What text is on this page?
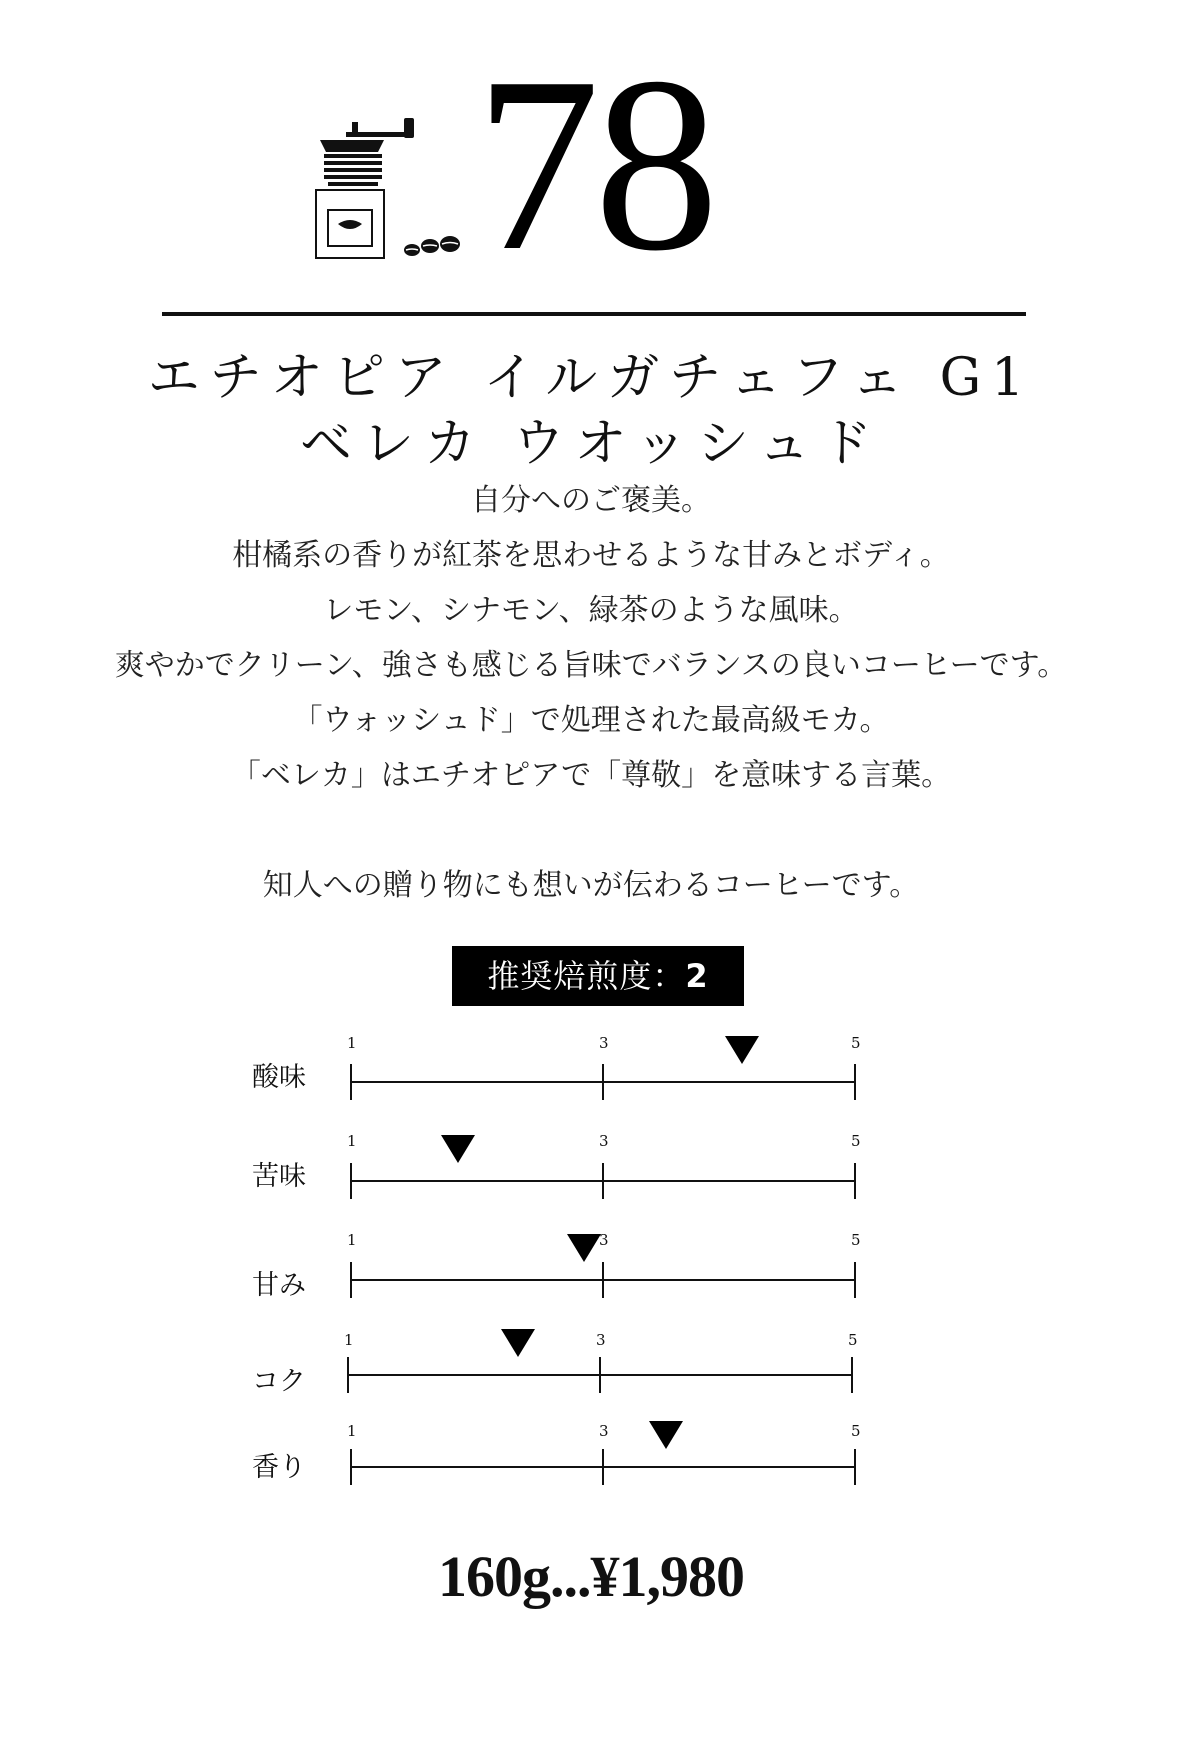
78
エチオピア イルガチェフェ G1
ベレカ ウオッシュド
自分へのご褒美。
柑橘系の香りが紅茶を思わせるような甘みとボディ。
レモン、シナモン、緑茶のような風味。
爽やかでクリーン、強さも感じる旨味でバランスの良いコーヒーです。
「ウォッシュド」で処理された最高級モカ。
「ベレカ」はエチオピアで「尊敬」を意味する言葉。
知人への贈り物にも想いが伝わるコーヒーです。
推奨焙煎度：2
酸味
1	3	5
苦味
1	3	5
甘み
1	3	5
コク
1	3	5
香り
1	3	5
160g...¥1,980
